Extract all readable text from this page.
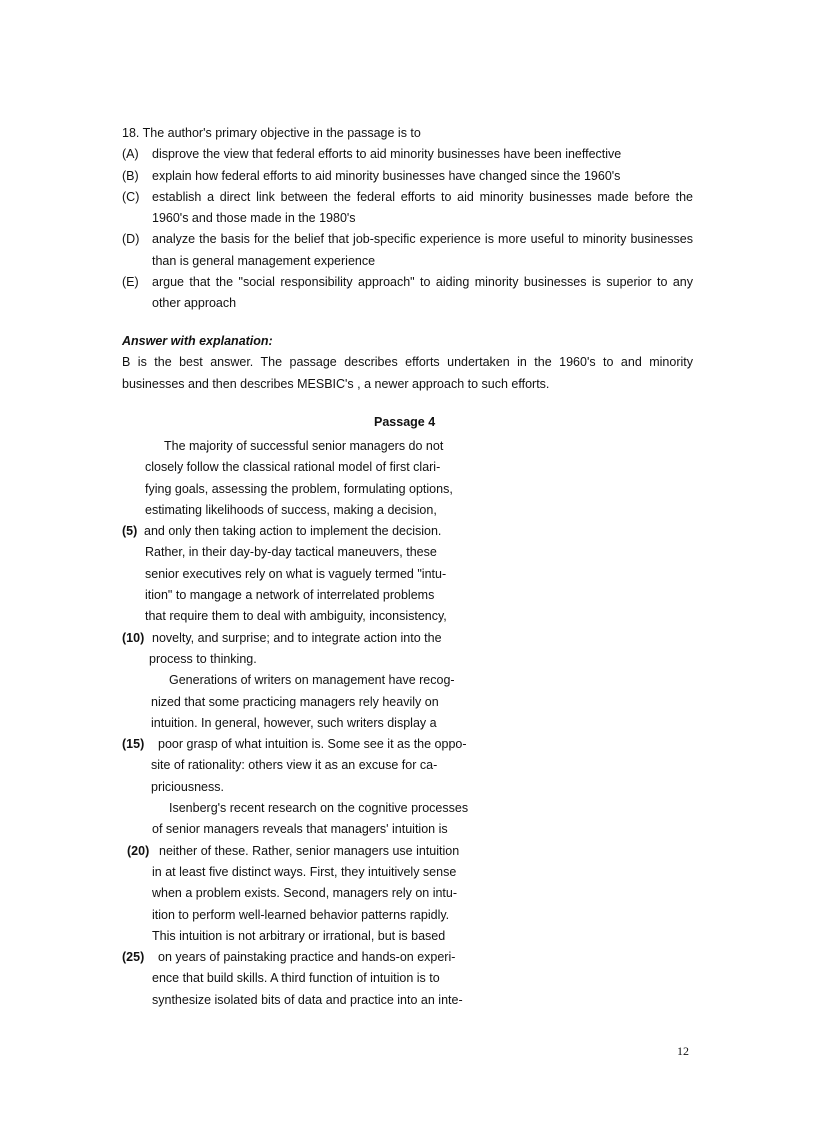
18. The author's primary objective in the passage is to
(A) disprove the view that federal efforts to aid minority businesses have been ineffective
(B) explain how federal efforts to aid minority businesses have changed since the 1960's
(C) establish a direct link between the federal efforts to aid minority businesses made before the 1960's and those made in the 1980's
(D) analyze the basis for the belief that job-specific experience is more useful to minority businesses than is general management experience
(E) argue that the "social responsibility approach" to aiding minority businesses is superior to any other approach
Answer with explanation:
B is the best answer. The passage describes efforts undertaken in the 1960's to and minority businesses and then describes MESBIC's , a newer approach to such efforts.
Passage 4
The majority of successful senior managers do not
closely follow the classical rational model of first clari-
fying goals, assessing the problem, formulating options,
estimating likelihoods of success, making a decision,
(5) and only then taking action to implement the decision.
Rather, in their day-by-day tactical maneuvers, these
senior executives rely on what is vaguely termed "intu-
ition" to mangage a network of interrelated problems
that require them to deal with ambiguity, inconsistency,
(10) novelty, and surprise; and to integrate action into the
process to thinking.
Generations of writers on management have recog-
nized that some practicing managers rely heavily on
intuition. In general, however, such writers display a
(15) poor grasp of what intuition is. Some see it as the oppo-
site of rationality: others view it as an excuse for ca-
priciousness.
Isenberg's recent research on the cognitive processes
of senior managers reveals that managers' intuition is
(20) neither of these. Rather, senior managers use intuition
in at least five distinct ways. First, they intuitively sense
when a problem exists. Second, managers rely on intu-
ition to perform well-learned behavior patterns rapidly.
This intuition is not arbitrary or irrational, but is based
(25) on years of painstaking practice and hands-on experi-
ence that build skills. A third function of intuition is to
synthesize isolated bits of data and practice into an inte-
12
